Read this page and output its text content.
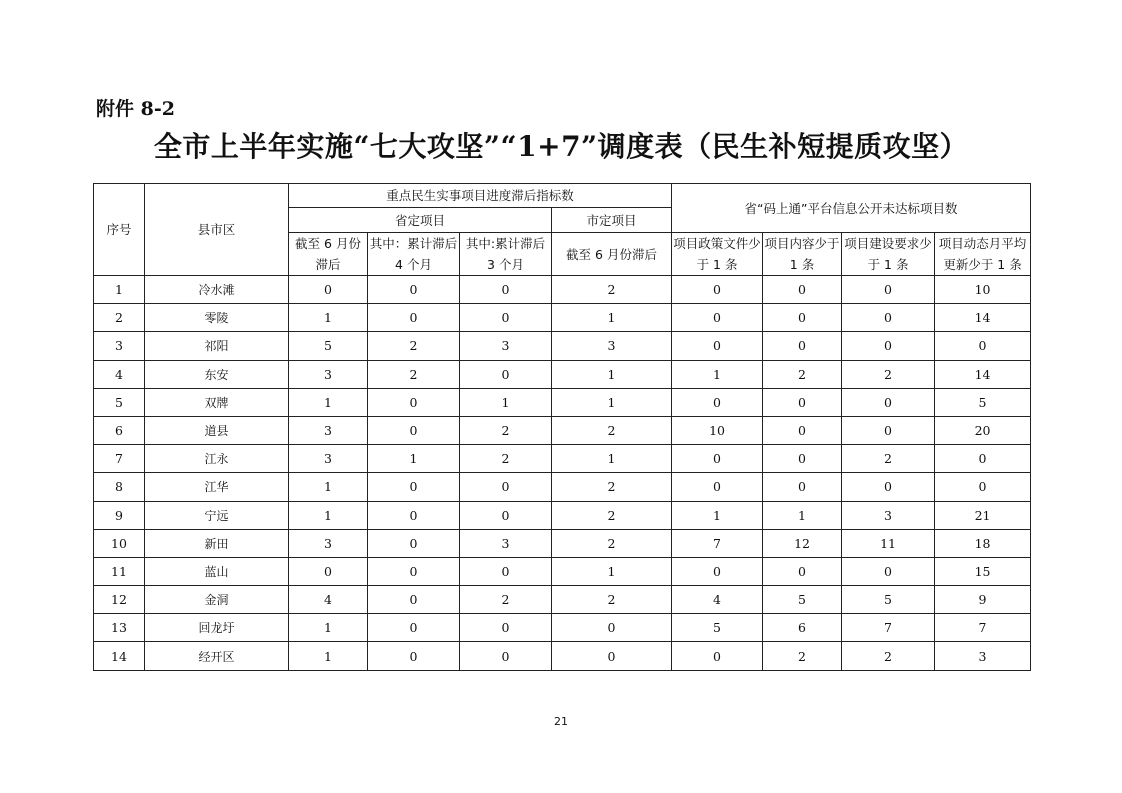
附件 8-2
全市上半年实施“七大攻坚”“1+7”调度表（民生补短提质攻坚）
序号	县市区	重点民生实事项目进度滞后指标数				省“码上通”平台信息公开未达标项目数			
		省定项目			市定项目				
		截至 6 月份滞后	其中：累计滞后 4 个月	其中:累计滞后 3 个月	截至 6 月份滞后	项目政策文件少于 1 条	项目内容少于 1 条	项目建设要求少于 1 条	项目动态月平均更新少于 1 条

1	冷水滩	0	0	0	2	0	0	0	10
2	零陵	1	0	0	1	0	0	0	14
3	祁阳	5	2	3	3	0	0	0	0
4	东安	3	2	0	1	1	2	2	14
5	双牌	1	0	1	1	0	0	0	5
6	道县	3	0	2	2	10	0	0	20
7	江永	3	1	2	1	0	0	2	0
8	江华	1	0	0	2	0	0	0	0
9	宁远	1	0	0	2	1	1	3	21
10	新田	3	0	3	2	7	12	11	18
11	蓝山	0	0	0	1	0	0	0	15
12	金洞	4	0	2	2	4	5	5	9
13	回龙圩	1	0	0	0	5	6	7	7
14	经开区	1	0	0	0	0	2	2	3
21
